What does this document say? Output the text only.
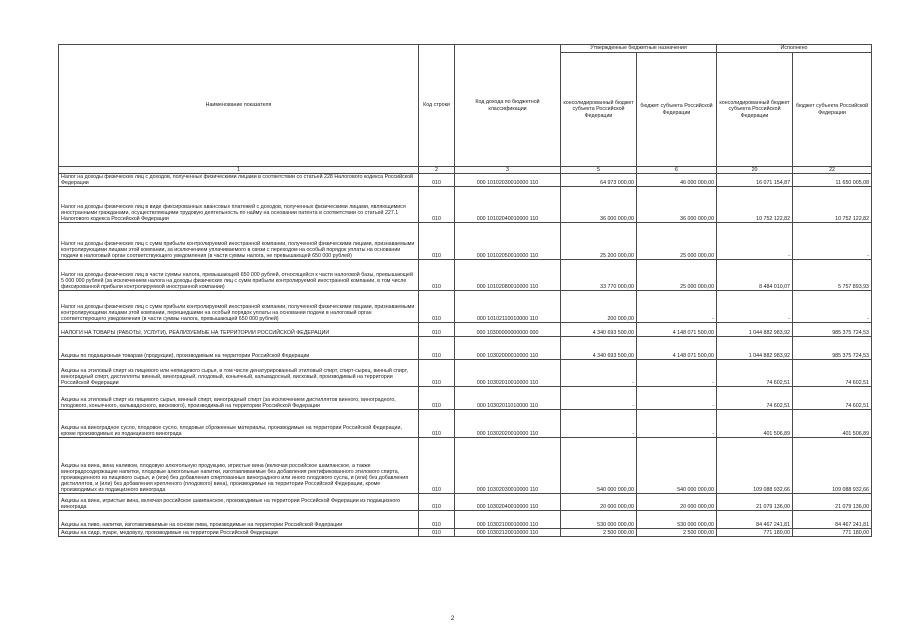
Наименование показателя	Код строки	Код дохода по бюджетной классификации	Утвержденные бюджетные назначения		Исполнено	
			консолидированный бюджет субъекта Российской Федерации	бюджет субъекта Российской Федерации	консолидированный бюджет субъекта Российской Федерации	бюджет субъекта Российской Федерации
1	2	3	5	6	20	22
Налог на доходы физических лиц с доходов, полученных физическими лицами в соответствии со статьей 228 Налогового кодекса Российской Федерации	010	000 10102030010000 110	64 973 000,00	46 000 000,00	16 071 154,87	11 650 005,08
Налог на доходы физических лиц в виде фиксированных авансовых платежей с доходов, полученных физическими лицами, являющимися иностранными гражданами, осуществляющими трудовую деятельность по найму на основании патента в соответствии со статьей 227.1 Налогового кодекса Российской Федерации	010	000 10102040010000 110	36 000 000,00	36 000 000,00	10 752 122,82	10 752 122,82
Налог на доходы физических лиц с сумм прибыли контролируемой иностранной компании, полученной физическими лицами, признаваемыми контролирующими лицами этой компании, за исключением уплачиваемого в связи с переходом на особый порядок уплаты на основании подачи в налоговый орган соответствующего уведомления (в части суммы налога, не превышающей 650 000 рублей)	010	000 10102050010000 110	25 200 000,00	25 000 000,00	-	-
Налог на доходы физических лиц в части суммы налога, превышающей 650 000 рублей, относящейся к части налоговой базы, превышающей 5 000 000 рублей (за исключением налога на доходы физических лиц с сумм прибыли контролируемой иностранной компании, в том числе фиксированной прибыли контролируемой иностранной компании)	010	000 10102080010000 110	33 770 000,00	25 000 000,00	8 484 010,07	5 757 893,93
Налог на доходы физических лиц с сумм прибыли контролируемой иностранной компании, полученной физическими лицами, признаваемыми контролирующими лицами этой компании, перешедшими на особый порядок уплаты на основании подачи в налоговый орган соответствующего уведомления (в части суммы налога, превышающей 650 000 рублей)	010	000 10102110010000 110	200 000,00	-	-	-
НАЛОГИ НА ТОВАРЫ (РАБОТЫ, УСЛУГИ), РЕАЛИЗУЕМЫЕ НА ТЕРРИТОРИИ РОССИЙСКОЙ ФЕДЕРАЦИИ	010	000 10300000000000 000	4 340 693 500,00	4 148 071 500,00	1 044 882 983,92	985 375 724,53
Акцизы по подакцизным товарам (продукции), производимым на территории Российской Федерации	010	000 10302000010000 110	4 340 693 500,00	4 148 071 500,00	1 044 882 983,92	985 375 724,53
Акцизы на этиловый спирт из пищевого или непищевого сырья, в том числе денатурированный этиловый спирт, спирт-сырец, винный спирт, виноградный спирт, дистилляты винный, виноградный, плодовый, коньячный, кальвадосный, висковый, производимый на территории Российской Федерации	010	000 10302010010000 110	-	-	74 602,51	74 602,51
Акцизы на этиловый спирт из пищевого сырья, винный спирт, виноградный спирт (за исключением дистиллятов винного, виноградного, плодового, коньячного, кальвадосного, вискового), производимый на территории Российской Федерации	010	000 10302011010000 110	-	-	74 602,51	74 602,51
Акцизы на виноградное сусло, плодовое сусло, плодовые сброженные материалы, производимые на территории Российской Федерации, кроме производимых из подакцизного винограда	010	000 10302020010000 110	-	-	401 506,89	401 506,89
Акцизы на вина, вина наливом, плодовую алкогольную продукцию, игристые вина (включая российское шампанское, а также виноградосодержащие напитки, плодовые алкогольные напитки, изготавливаемые без добавления ректификованного этилового спирта, произведенного из пищевого сырья, и (или) без добавления спиртованных виноградного или иного плодового сусла, и (или) без добавления дистиллятов, и (или) без добавления крепленого (плодового) вина), производимые на территории Российской Федерации, кроме производимых из подакцизного винограда	010	000 10302030010000 110	540 000 000,00	540 000 000,00	109 088 932,66	109 088 932,66
Акцизы на вина, игристые вина, включая российское шампанское, производимые на территории Российской Федерации из подакцизного винограда	010	000 10302040010000 110	20 000 000,00	20 000 000,00	21 079 136,00	21 079 136,00
Акцизы на пиво, напитки, изготавливаемые на основе пива, производимые на территории Российской Федерации	010	000 10302100010000 110	530 000 000,00	530 000 000,00	84 467 241,81	84 467 241,81
Акцизы на сидр, пуаре, медовуху, производимые на территории Российской Федерации	010	000 10302120010000 110	2 500 000,00	2 500 000,00	771 180,00	771 180,00
2
